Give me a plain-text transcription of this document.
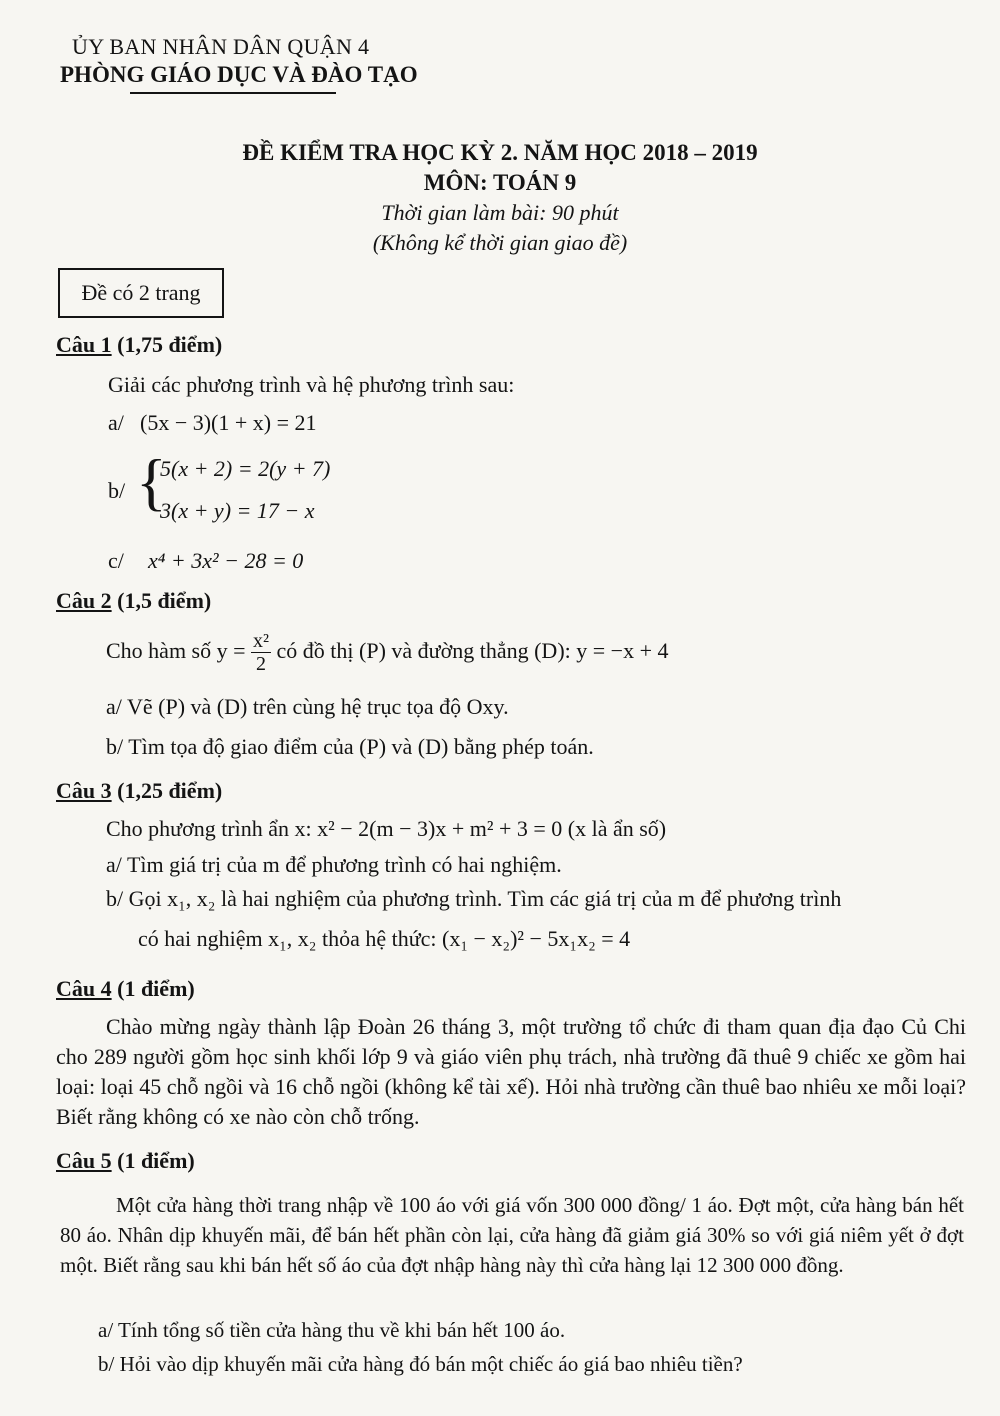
ỦY BAN NHÂN DÂN QUẬN 4
PHÒNG GIÁO DỤC VÀ ĐÀO TẠO
ĐỀ KIỂM TRA HỌC KỲ 2. NĂM HỌC 2018 – 2019
MÔN: TOÁN 9
Thời gian làm bài: 90 phút
(Không kể thời gian giao đề)
Đề có 2 trang
Câu 1 (1,75 điểm)
Giải các phương trình và hệ phương trình sau:
a/ (5x − 3)(1 + x) = 21
b/ {
5(x + 2) = 2(y + 7)
3(x + y) = 17 − x
c/ x⁴ + 3x² − 28 = 0
Câu 2 (1,5 điểm)
Cho hàm số $y = \frac{\text{x²}}{2}$ có đồ thị (P) và đường thẳng (D): y = −x + 4
a/ Vẽ (P) và (D) trên cùng hệ trục tọa độ Oxy.
b/ Tìm tọa độ giao điểm của (P) và (D) bằng phép toán.
Câu 3 (1,25 điểm)
Cho phương trình ẩn x: x² − 2(m − 3)x + m² + 3 = 0 (x là ẩn số)
a/ Tìm giá trị của m để phương trình có hai nghiệm.
b/ Gọi x₁, x₂ là hai nghiệm của phương trình. Tìm các giá trị của m để phương trình
có hai nghiệm x₁, x₂ thỏa hệ thức: (x₁ − x₂)² − 5x₁x₂ = 4
Câu 4 (1 điểm)
Chào mừng ngày thành lập Đoàn 26 tháng 3, một trường tổ chức đi tham quan địa đạo Củ Chi cho 289 người gồm học sinh khối lớp 9 và giáo viên phụ trách, nhà trường đã thuê 9 chiếc xe gồm hai loại: loại 45 chỗ ngồi và 16 chỗ ngồi (không kể tài xế). Hỏi nhà trường cần thuê bao nhiêu xe mỗi loại? Biết rằng không có xe nào còn chỗ trống.
Câu 5 (1 điểm)
Một cửa hàng thời trang nhập về 100 áo với giá vốn 300 000 đồng/ 1 áo. Đợt một, cửa hàng bán hết 80 áo. Nhân dịp khuyến mãi, để bán hết phần còn lại, cửa hàng đã giảm giá 30% so với giá niêm yết ở đợt một. Biết rằng sau khi bán hết số áo của đợt nhập hàng này thì cửa hàng lại 12 300 000 đồng.
a/ Tính tổng số tiền cửa hàng thu về khi bán hết 100 áo.
b/ Hỏi vào dịp khuyến mãi cửa hàng đó bán một chiếc áo giá bao nhiêu tiền?
